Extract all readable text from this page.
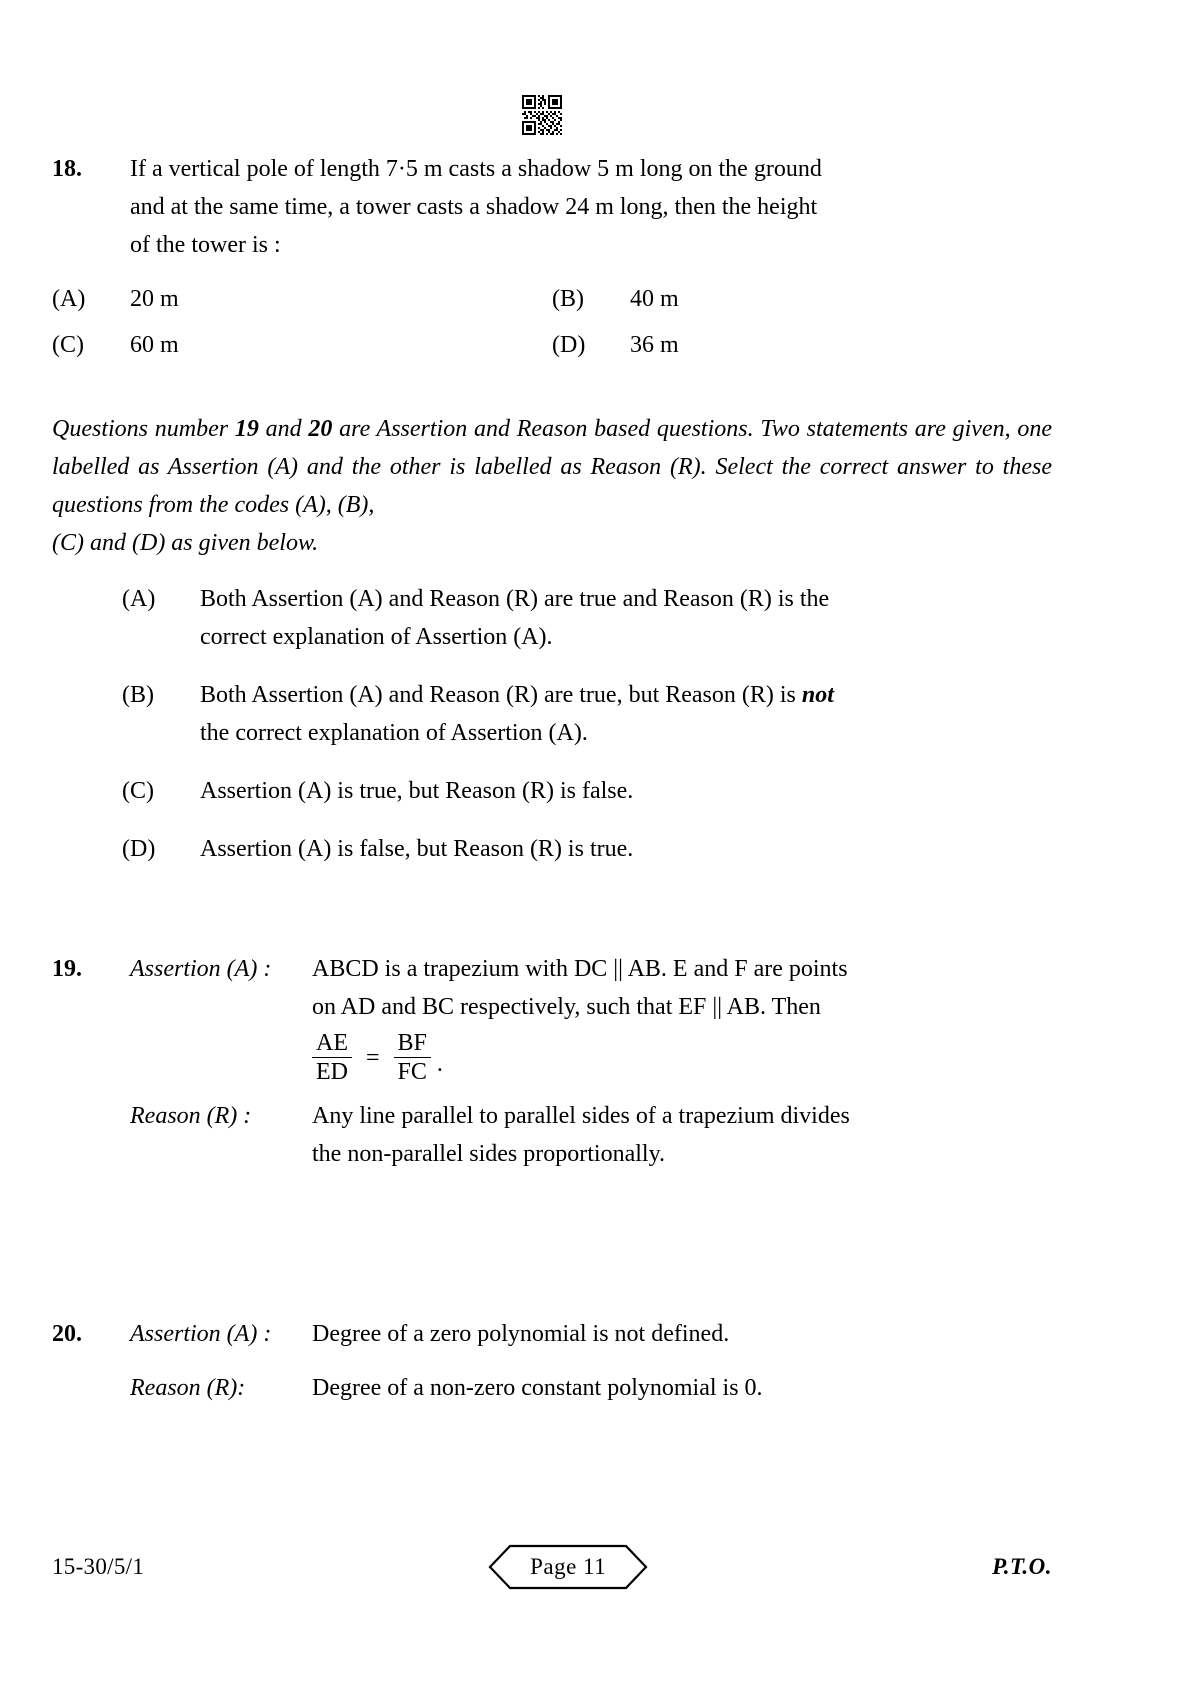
18.	If a vertical pole of length 7·5 m casts a shadow 5 m long on the ground
and at the same time, a tower casts a shadow 24 m long, then the height
of the tower is :
(A)	20 m	(B)	40 m
(C)	60 m	(D)	36 m
Questions number 19 and 20 are Assertion and Reason based questions. Two statements are given, one labelled as Assertion (A) and the other is labelled as Reason (R). Select the correct answer to these questions from the codes (A), (B),
(C) and (D) as given below.
(A)	Both Assertion (A) and Reason (R) are true and Reason (R) is the
correct explanation of Assertion (A).
(B)	Both Assertion (A) and Reason (R) are true, but Reason (R) is not
the correct explanation of Assertion (A).
(C)	Assertion (A) is true, but Reason (R) is false.
(D)	Assertion (A) is false, but Reason (R) is true.
19.	Assertion (A) :	ABCD is a trapezium with DC || AB. E and F are points
on AD and BC respectively, such that EF || AB. Then
$\frac{AE}{ED} = \frac{BF}{FC}$ .
Reason (R) :	Any line parallel to parallel sides of a trapezium divides
the non-parallel sides proportionally.
20.	Assertion (A) :	Degree of a zero polynomial is not defined.
Reason (R):	Degree of a non-zero constant polynomial is 0.
15-30/5/1	Page 11	P.T.O.
